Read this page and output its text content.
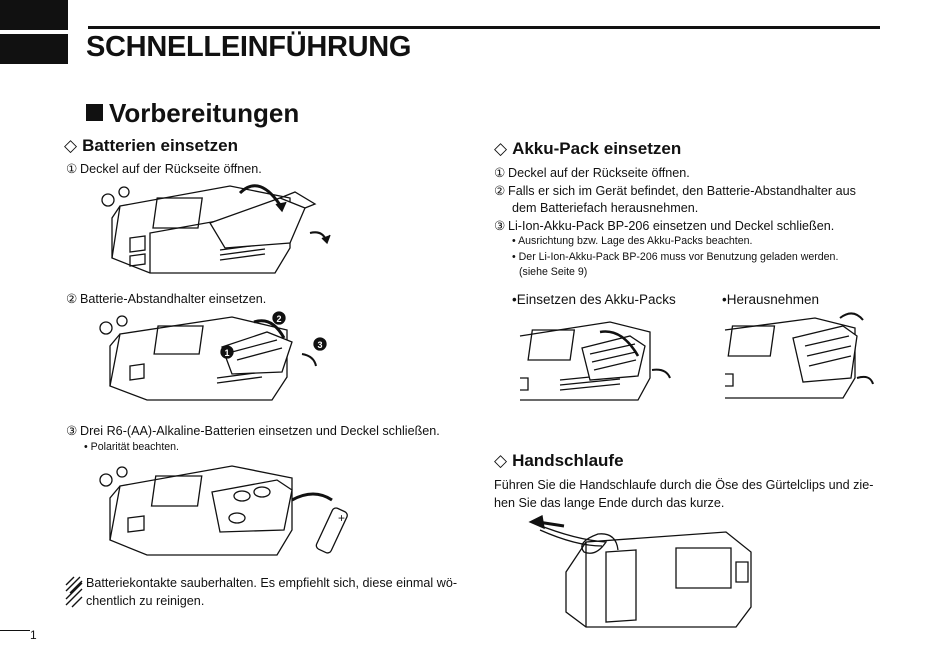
SCHNELLEINFÜHRUNG
Vorbereitungen
◇ Batterien einsetzen
① Deckel auf der Rückseite öffnen.
② Batterie-Abstandhalter einsetzen.
1
2
3
③ Drei R6-(AA)-Alkaline-Batterien einsetzen und Deckel schließen.
• Polarität beachten.
+
Batteriekontakte sauberhalten. Es empfiehlt sich, diese einmal wö-
chentlich zu reinigen.
◇ Akku-Pack einsetzen
① Deckel auf der Rückseite öffnen.
② Falls er sich im Gerät befindet, den Batterie-Abstandhalter aus
dem Batteriefach herausnehmen.
③ Li-Ion-Akku-Pack BP-206 einsetzen und Deckel schließen.
• Ausrichtung bzw. Lage des Akku-Packs beachten.
• Der Li-Ion-Akku-Pack BP-206 muss vor Benutzung geladen werden.
(siehe Seite 9)
•Einsetzen des Akku-Packs	•Herausnehmen
◇ Handschlaufe
Führen Sie die Handschlaufe durch die Öse des Gürtelclips und zie-
hen Sie das lange Ende durch das kurze.
1
